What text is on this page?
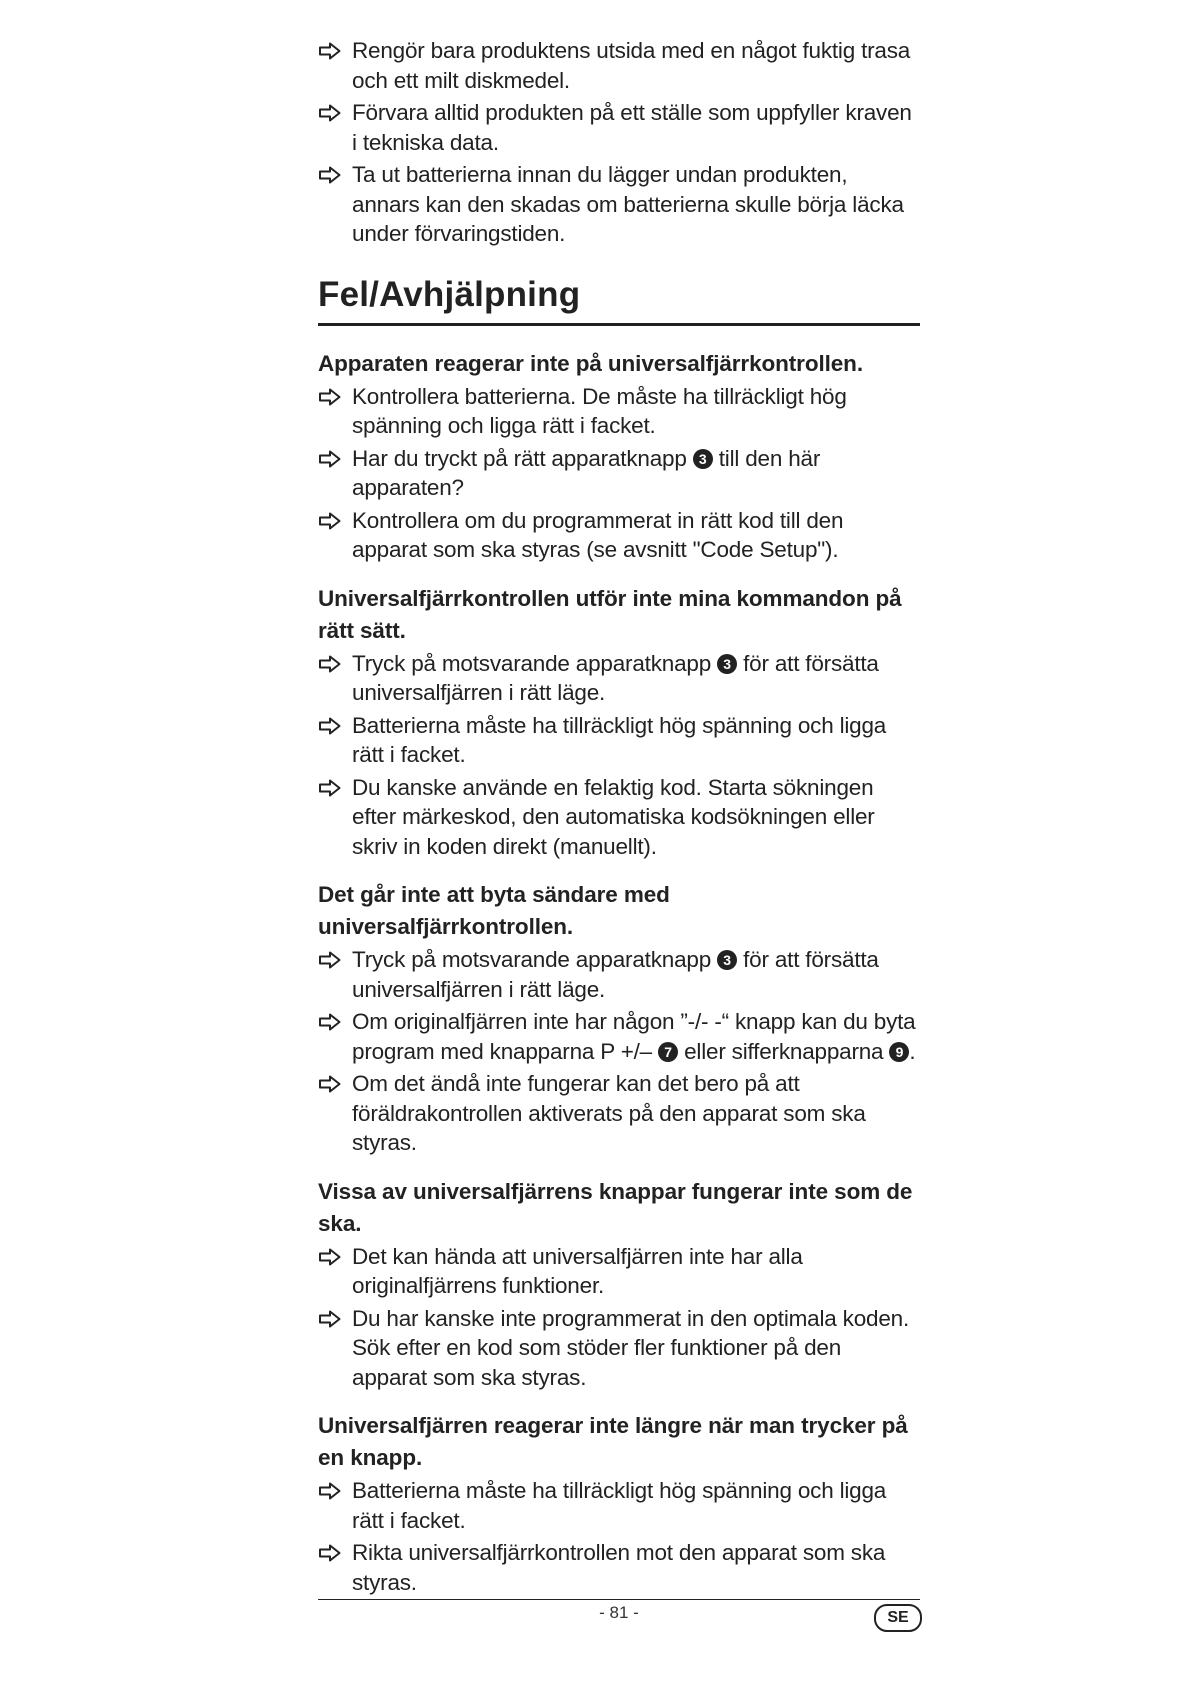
Rengör bara produktens utsida med en något fuktig trasa och ett milt diskmedel.
Förvara alltid produkten på ett ställe som uppfyller kraven i tekniska data.
Ta ut batterierna innan du lägger undan produkten, annars kan den skadas om batterierna skulle börja läcka under förvaringstiden.
Fel/Avhjälpning
Apparaten reagerar inte på universalfjärrkontrollen.
Kontrollera batterierna. De måste ha tillräckligt hög spänning och ligga rätt i facket.
Har du tryckt på rätt apparatknapp 3 till den här apparaten?
Kontrollera om du programmerat in rätt kod till den apparat som ska styras (se avsnitt "Code Setup").
Universalfjärrkontrollen utför inte mina kommandon på rätt sätt.
Tryck på motsvarande apparatknapp 3 för att försätta universalfjärren i rätt läge.
Batterierna måste ha tillräckligt hög spänning och ligga rätt i facket.
Du kanske använde en felaktig kod. Starta sökningen efter märkeskod, den automatiska kodsökningen eller skriv in koden direkt (manuellt).
Det går inte att byta sändare med universalfjärrkontrollen.
Tryck på motsvarande apparatknapp 3 för att försätta universalfjärren i rätt läge.
Om originalfjärren inte har någon ”-/- -“ knapp kan du byta program med knapparna P +/– 7 eller sifferknapparna 9 .
Om det ändå inte fungerar kan det bero på att föräldrakontrollen aktiverats på den apparat som ska styras.
Vissa av universalfjärrens knappar fungerar inte som de ska.
Det kan hända att universalfjärren inte har alla originalfjärrens funktioner.
Du har kanske inte programmerat in den optimala koden. Sök efter en kod som stöder fler funktioner på den apparat som ska styras.
Universalfjärren reagerar inte längre när man trycker på en knapp.
Batterierna måste ha tillräckligt hög spänning och ligga rätt i facket.
Rikta universalfjärrkontrollen mot den apparat som ska styras.
- 81 -	SE
